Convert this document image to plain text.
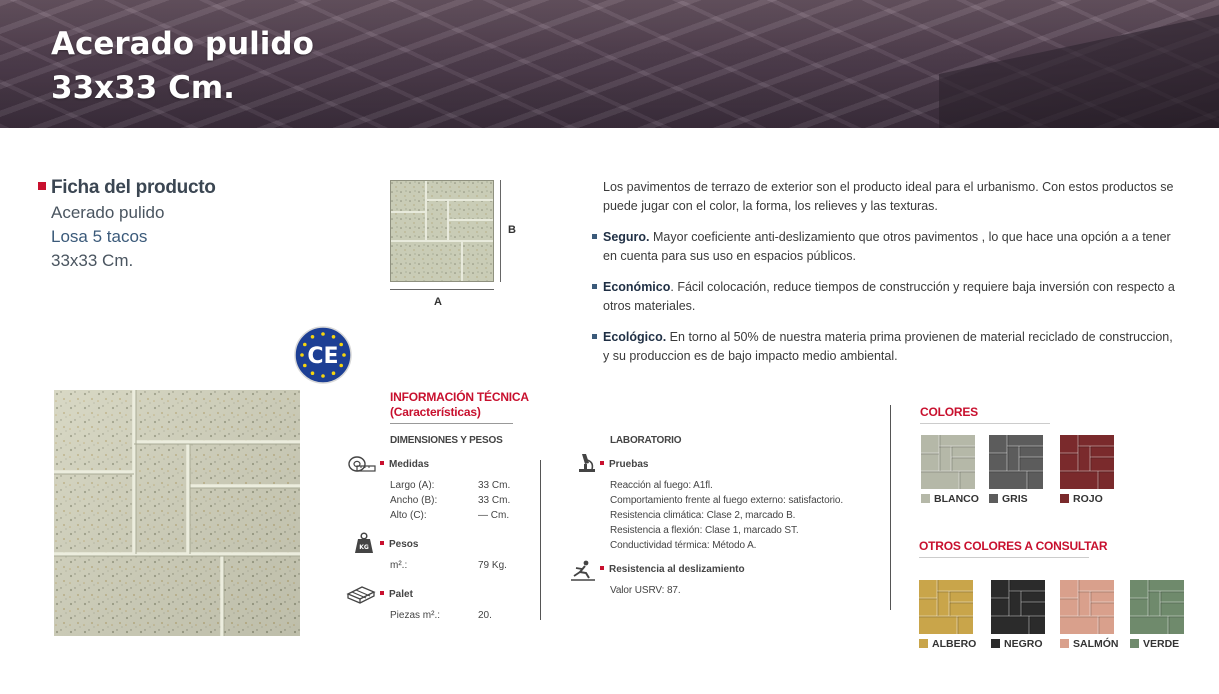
Acerado pulido
33x33 Cm.
Ficha del producto
Acerado pulido
Losa 5 tacos
33x33 Cm.
B
A
CE

Los pavimentos de terrazo de exterior son el producto ideal para el urbanismo. Con estos productos se puede jugar con el color, la forma, los relieves y las texturas.

Seguro. Mayor coeficiente anti-deslizamiento que otros pavimentos , lo que hace una opción a a tener en cuenta para sus uso en espacios públicos.
Económico. Fácil colocación, reduce tiempos de construcción y requiere baja inversión con respecto a otros materiales.
Ecológico. En torno al 50% de nuestra materia prima provienen de material reciclado de construccion, y su produccion es de bajo impacto medio ambiental.
INFORMACIÓN TÉCNICA
(Características)
DIMENSIONES Y PESOS
Medidas
Largo (A):	33 Cm.
Ancho (B):	33 Cm.
Alto (C):	— Cm.
KG	Pesos
m².:	79 Kg.
Palet
Piezas m².:	20.
LABORATORIO
Pruebas
Reacción al fuego: A1fl.
Comportamiento frente al fuego externo: satisfactorio.
Resistencia climática: Clase 2, marcado B.
Resistencia a flexión: Clase 1, marcado ST.
Conductividad térmica: Método A.
Resistencia al deslizamiento
Valor USRV: 87.
COLORES
BLANCO	GRIS	ROJO
OTROS COLORES A CONSULTAR
ALBERO	NEGRO	SALMÓN	VERDE
